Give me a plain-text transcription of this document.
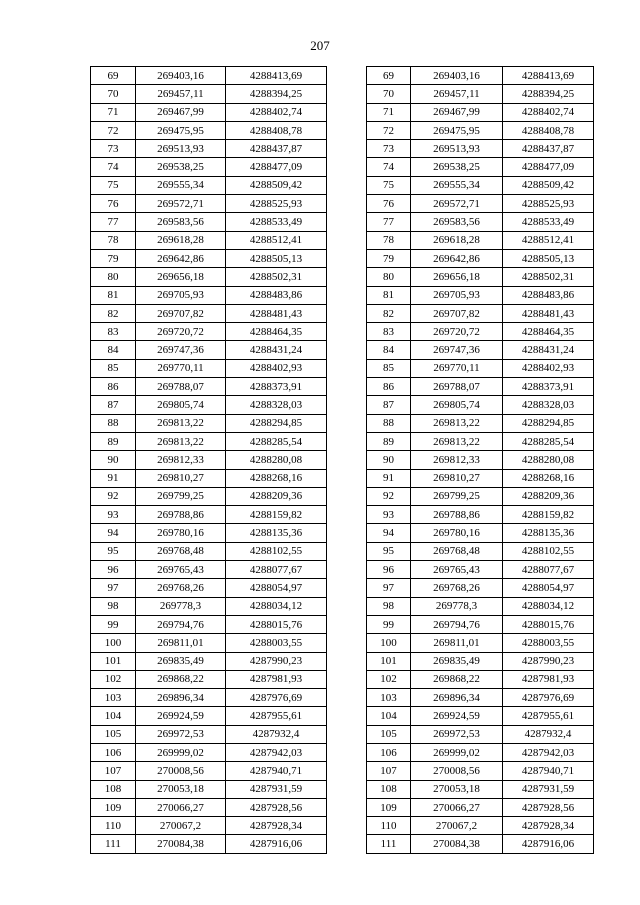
207
69	269403,16	4288413,69
70	269457,11	4288394,25
71	269467,99	4288402,74
72	269475,95	4288408,78
73	269513,93	4288437,87
74	269538,25	4288477,09
75	269555,34	4288509,42
76	269572,71	4288525,93
77	269583,56	4288533,49
78	269618,28	4288512,41
79	269642,86	4288505,13
80	269656,18	4288502,31
81	269705,93	4288483,86
82	269707,82	4288481,43
83	269720,72	4288464,35
84	269747,36	4288431,24
85	269770,11	4288402,93
86	269788,07	4288373,91
87	269805,74	4288328,03
88	269813,22	4288294,85
89	269813,22	4288285,54
90	269812,33	4288280,08
91	269810,27	4288268,16
92	269799,25	4288209,36
93	269788,86	4288159,82
94	269780,16	4288135,36
95	269768,48	4288102,55
96	269765,43	4288077,67
97	269768,26	4288054,97
98	269778,3	4288034,12
99	269794,76	4288015,76
100	269811,01	4288003,55
101	269835,49	4287990,23
102	269868,22	4287981,93
103	269896,34	4287976,69
104	269924,59	4287955,61
105	269972,53	4287932,4
106	269999,02	4287942,03
107	270008,56	4287940,71
108	270053,18	4287931,59
109	270066,27	4287928,56
110	270067,2	4287928,34
111	270084,38	4287916,06
69	269403,16	4288413,69
70	269457,11	4288394,25
71	269467,99	4288402,74
72	269475,95	4288408,78
73	269513,93	4288437,87
74	269538,25	4288477,09
75	269555,34	4288509,42
76	269572,71	4288525,93
77	269583,56	4288533,49
78	269618,28	4288512,41
79	269642,86	4288505,13
80	269656,18	4288502,31
81	269705,93	4288483,86
82	269707,82	4288481,43
83	269720,72	4288464,35
84	269747,36	4288431,24
85	269770,11	4288402,93
86	269788,07	4288373,91
87	269805,74	4288328,03
88	269813,22	4288294,85
89	269813,22	4288285,54
90	269812,33	4288280,08
91	269810,27	4288268,16
92	269799,25	4288209,36
93	269788,86	4288159,82
94	269780,16	4288135,36
95	269768,48	4288102,55
96	269765,43	4288077,67
97	269768,26	4288054,97
98	269778,3	4288034,12
99	269794,76	4288015,76
100	269811,01	4288003,55
101	269835,49	4287990,23
102	269868,22	4287981,93
103	269896,34	4287976,69
104	269924,59	4287955,61
105	269972,53	4287932,4
106	269999,02	4287942,03
107	270008,56	4287940,71
108	270053,18	4287931,59
109	270066,27	4287928,56
110	270067,2	4287928,34
111	270084,38	4287916,06
